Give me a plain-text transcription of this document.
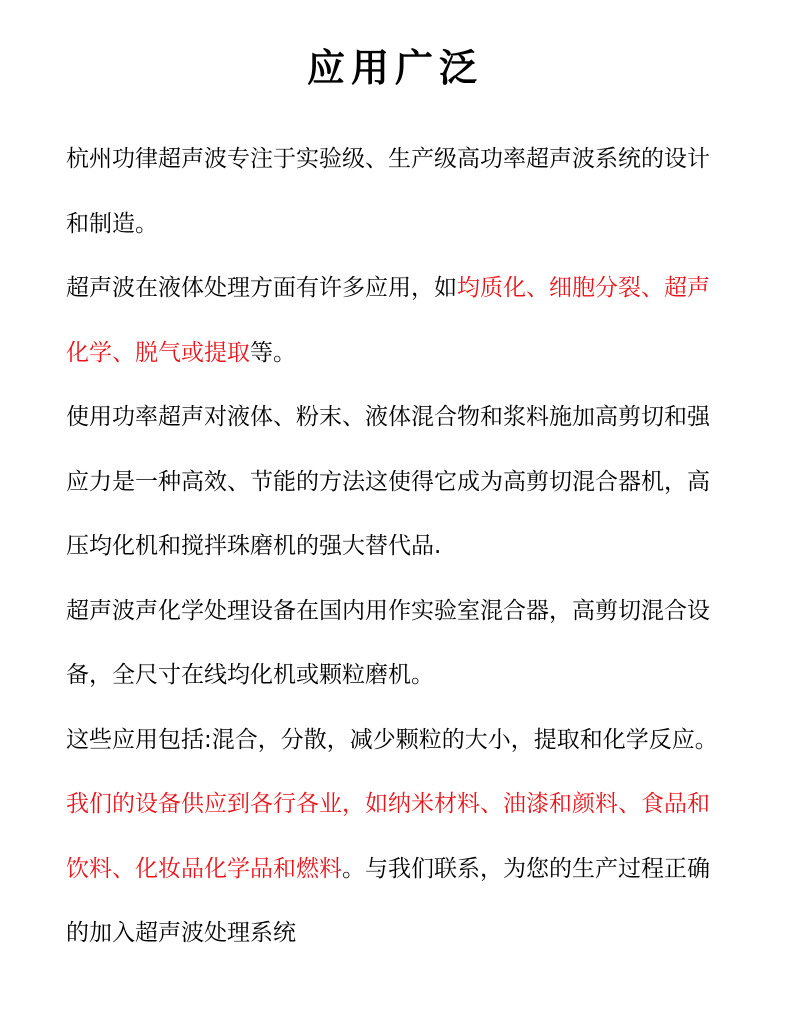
应用广泛

杭州功律超声波专注于实验级、生产级高功率超声波系统的设计和制造。

超声波在液体处理方面有许多应用，如均质化、细胞分裂、超声化学、脱气或提取等。

使用功率超声对液体、粉末、液体混合物和浆料施加高剪切和强应力是一种高效、节能的方法这使得它成为高剪切混合器机，高压均化机和搅拌珠磨机的强大替代品.

超声波声化学处理设备在国内用作实验室混合器，高剪切混合设备，全尺寸在线均化机或颗粒磨机。

这些应用包括:混合，分散，减少颗粒的大小，提取和化学反应。我们的设备供应到各行各业，如纳米材料、油漆和颜料、食品和饮料、化妆品化学品和燃料。与我们联系，为您的生产过程正确的加入超声波处理系统
